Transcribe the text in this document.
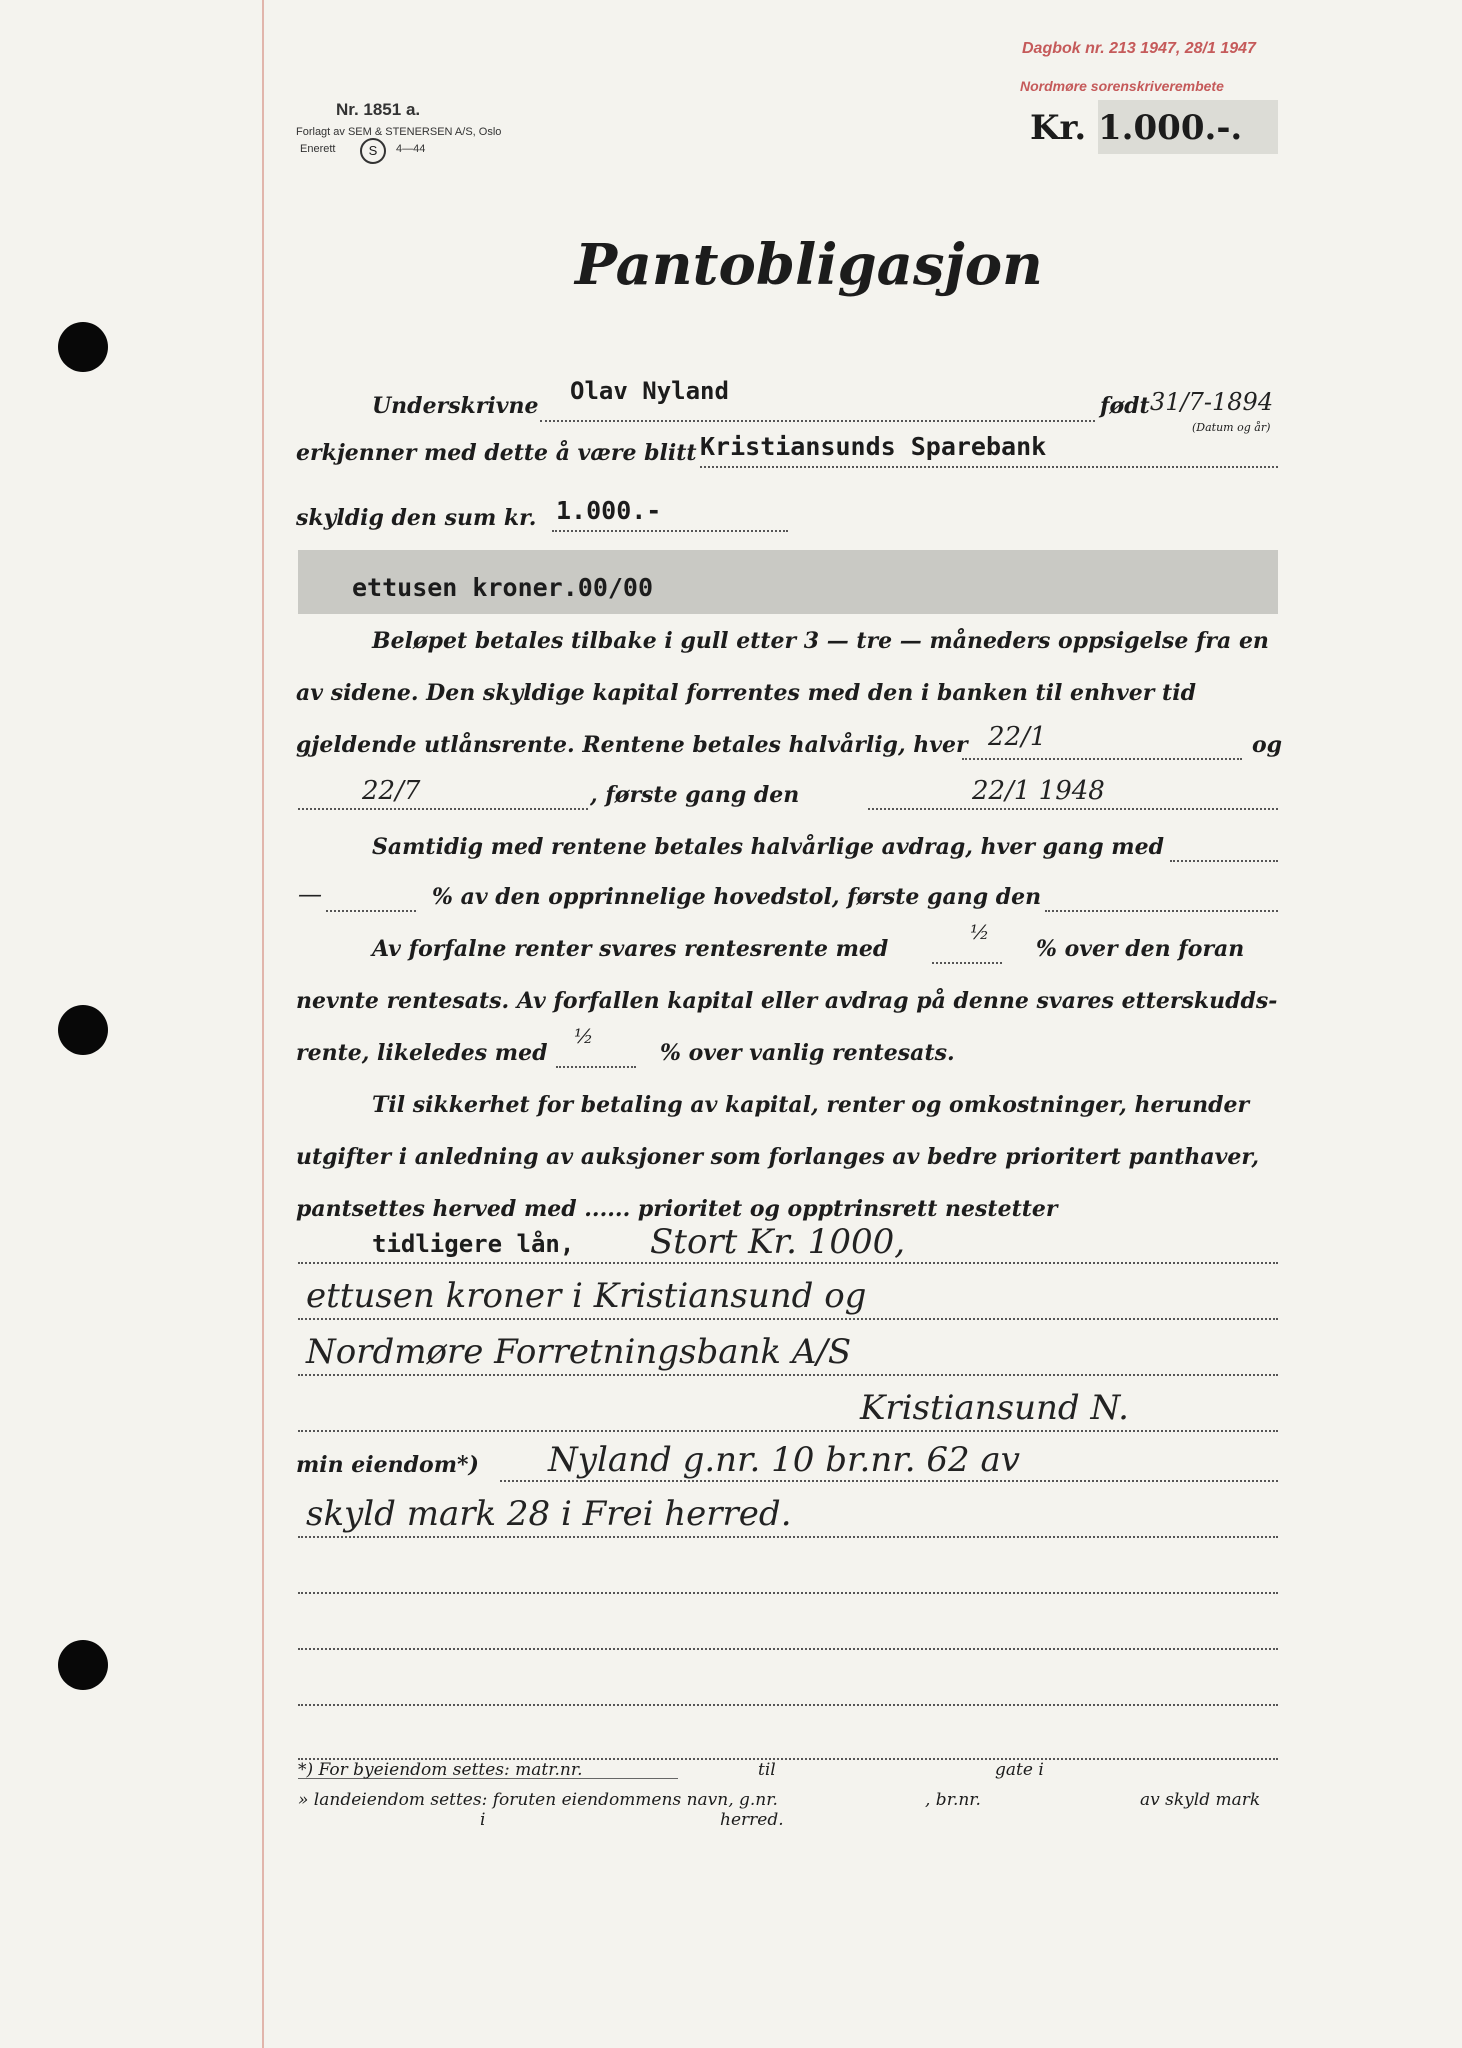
Nr. 1851 a.
Forlagt av SEM & STENERSEN A/S, Oslo
Enerett	S	4—44
Dagbok nr. 213 1947, 28/1 1947
Nordmøre sorenskriverembete
Kr. 1.000.-.
Pantobligasjon
Underskrivne
Olav Nyland
født 31/7-1894
(Datum og år)
erkjenner med dette å være blitt Kristiansunds Sparebank
skyldig den sum kr. 1.000.-
ettusen kroner.00/00
Beløpet betales tilbake i gull etter 3 — tre — måneders oppsigelse fra en
av sidene. Den skyldige kapital forrentes med den i banken til enhver tid
gjeldende utlånsrente. Rentene betales halvårlig, hver 22/1	og
22/7	, første gang den	22/1 1948
Samtidig med rentene betales halvårlige avdrag, hver gang med
—	% av den opprinnelige hovedstol, første gang den
Av forfalne renter svares rentesrente med
½
% over den foran
nevnte rentesats. Av forfallen kapital eller avdrag på denne svares etterskudds-
rente, likeledes med
½
% over vanlig rentesats.
Til sikkerhet for betaling av kapital, renter og omkostninger, herunder
utgifter i anledning av auksjoner som forlanges av bedre prioritert panthaver,
pantsettes herved med ...... prioritet og opptrinsrett nestetter
tidligere lån, Stort Kr. 1000,
ettusen kroner i Kristiansund og
Nordmøre Forretningsbank A/S
Kristiansund N.
min eiendom*) Nyland g.nr. 10 br.nr. 62 av
skyld mark 28 i Frei herred.
*) For byeiendom settes: matr.nr.	til	gate i
» landeiendom settes: foruten eiendommens navn, g.nr.	, br.nr.	av skyld mark
i	herred.
